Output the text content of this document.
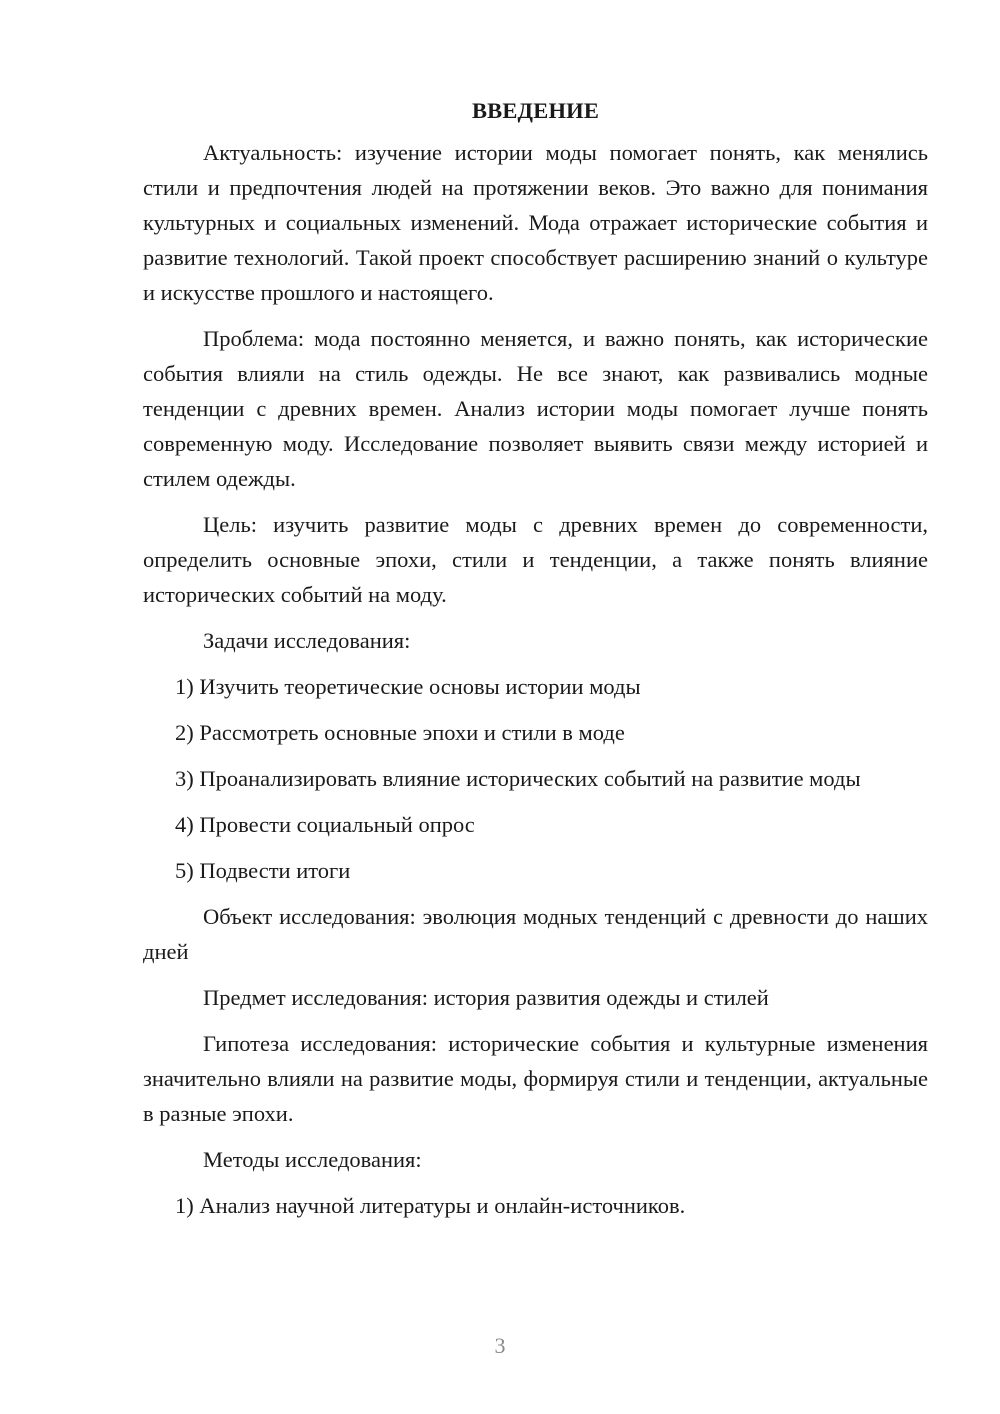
ВВЕДЕНИЕ

Актуальность: изучение истории моды помогает понять, как менялись стили и предпочтения людей на протяжении веков. Это важно для понимания культурных и социальных изменений. Мода отражает исторические события и развитие технологий. Такой проект способствует расширению знаний о культуре и искусстве прошлого и настоящего.

Проблема: мода постоянно меняется, и важно понять, как исторические события влияли на стиль одежды. Не все знают, как развивались модные тенденции с древних времен. Анализ истории моды помогает лучше понять современную моду. Исследование позволяет выявить связи между историей и стилем одежды.

Цель: изучить развитие моды с древних времен до современности, определить основные эпохи, стили и тенденции, а также понять влияние исторических событий на моду.

Задачи исследования:

1) Изучить теоретические основы истории моды

2) Рассмотреть основные эпохи и стили в моде

3) Проанализировать влияние исторических событий на развитие моды

4) Провести социальный опрос

5) Подвести итоги

Объект исследования: эволюция модных тенденций с древности до наших дней

Предмет исследования: история развития одежды и стилей

Гипотеза исследования: исторические события и культурные изменения значительно влияли на развитие моды, формируя стили и тенденции, актуальные в разные эпохи.

Методы исследования:

1) Анализ научной литературы и онлайн-источников.

3
